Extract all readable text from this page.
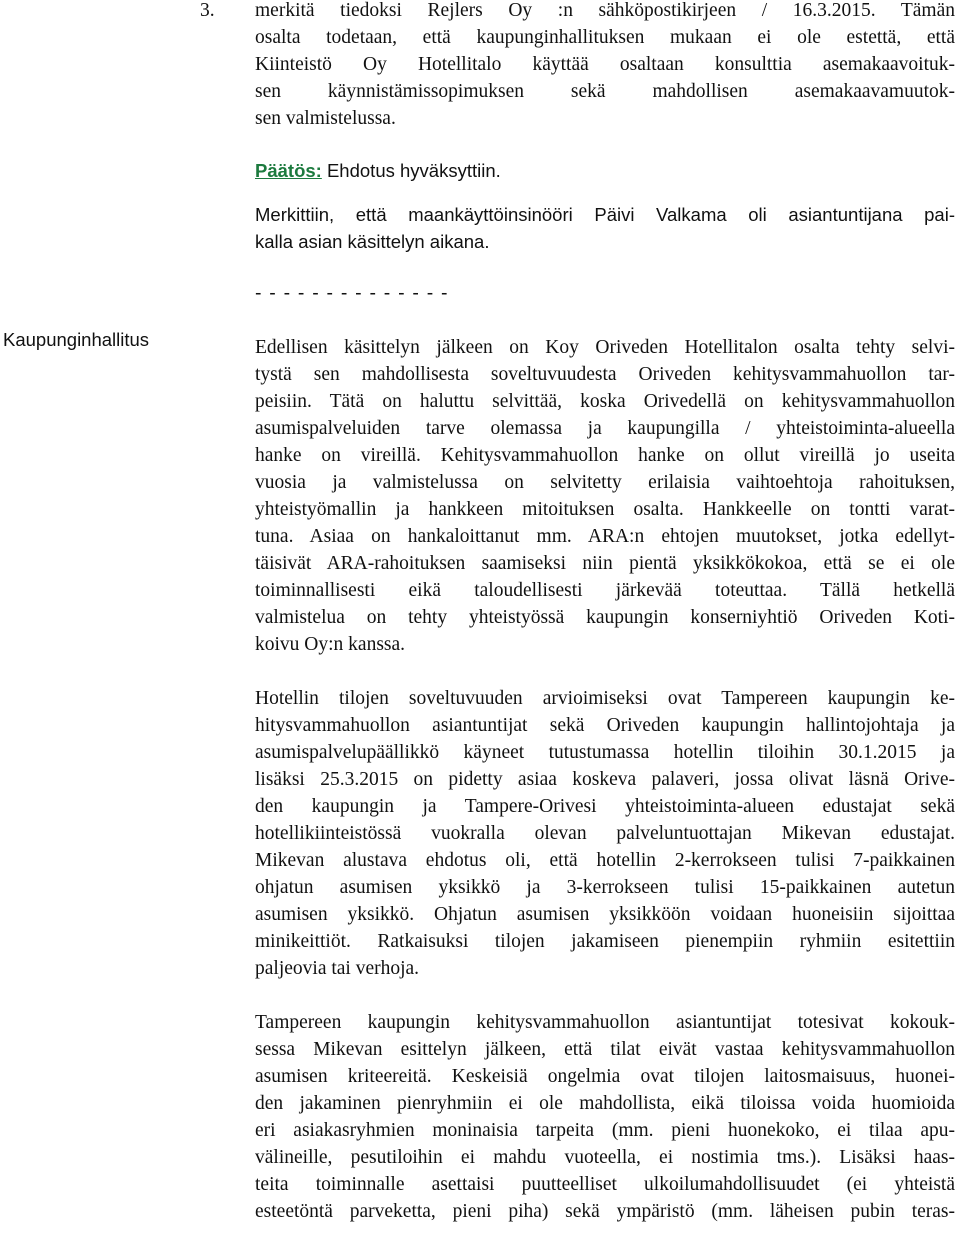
Kaupunginhallitus
3. merkitä tiedoksi Rejlers Oy :n sähköpostikirjeen / 16.3.2015. Tämän
osalta todetaan, että kaupunginhallituksen mukaan ei ole estettä, että
Kiinteistö Oy Hotellitalo käyttää osaltaan konsulttia asemakaavoituk-
sen käynnistämissopimuksen sekä mahdollisen asemakaavamuutok-
sen valmistelussa.
Päätös: Ehdotus hyväksyttiin.
Merkittiin, että maankäyttöinsinööri Päivi Valkama oli asiantuntijana pai-
kalla asian käsittelyn aikana.
- - - - - - - - - - - - - -
Edellisen käsittelyn jälkeen on Koy Oriveden Hotellitalon osalta tehty selvi-
tystä sen mahdollisesta soveltuvuudesta Oriveden kehitysvammahuollon tar-
peisiin. Tätä on haluttu selvittää, koska Orivedellä on kehitysvammahuollon
asumispalveluiden tarve olemassa ja kaupungilla / yhteistoiminta-alueella
hanke on vireillä. Kehitysvammahuollon hanke on ollut vireillä jo useita
vuosia ja valmistelussa on selvitetty erilaisia vaihtoehtoja rahoituksen,
yhteistyömallin ja hankkeen mitoituksen osalta. Hankkeelle on tontti varat-
tuna. Asiaa on hankaloittanut mm. ARA:n ehtojen muutokset, jotka edellyt-
täisivät ARA-rahoituksen saamiseksi niin pientä yksikkökokoa, että se ei ole
toiminnallisesti eikä taloudellisesti järkevää toteuttaa. Tällä hetkellä
valmistelua on tehty yhteistyössä kaupungin konserniyhtiö Oriveden Koti-
koivu Oy:n kanssa.
Hotellin tilojen soveltuvuuden arvioimiseksi ovat Tampereen kaupungin ke-
hitysvammahuollon asiantuntijat sekä Oriveden kaupungin hallintojohtaja ja
asumispalvelupäällikkö käyneet tutustumassa hotellin tiloihin 30.1.2015 ja
lisäksi 25.3.2015 on pidetty asiaa koskeva palaveri, jossa olivat läsnä Orive-
den kaupungin ja Tampere-Orivesi yhteistoiminta-alueen edustajat sekä
hotellikiinteistössä vuokralla olevan palveluntuottajan Mikevan edustajat.
Mikevan alustava ehdotus oli, että hotellin 2-kerrokseen tulisi 7-paikkainen
ohjatun asumisen yksikkö ja 3-kerrokseen tulisi 15-paikkainen autetun
asumisen yksikkö. Ohjatun asumisen yksikköön voidaan huoneisiin sijoittaa
minikeittiöt. Ratkaisuksi tilojen jakamiseen pienempiin ryhmiin esitettiin
paljeovia tai verhoja.
Tampereen kaupungin kehitysvammahuollon asiantuntijat totesivat kokouk-
sessa Mikevan esittelyn jälkeen, että tilat eivät vastaa kehitysvammahuollon
asumisen kriteereitä. Keskeisiä ongelmia ovat tilojen laitosmaisuus, huonei-
den jakaminen pienryhmiin ei ole mahdollista, eikä tiloissa voida huomioida
eri asiakasryhmien moninaisia tarpeita (mm. pieni huonekoko, ei tilaa apu-
välineille, pesutiloihin ei mahdu vuoteella, ei nostimia tms.). Lisäksi haas-
teita toiminnalle asettaisi puutteelliset ulkoilumahdollisuudet (ei yhteistä
esteetöntä parveketta, pieni piha) sekä ympäristö (mm. läheisen pubin teras-
